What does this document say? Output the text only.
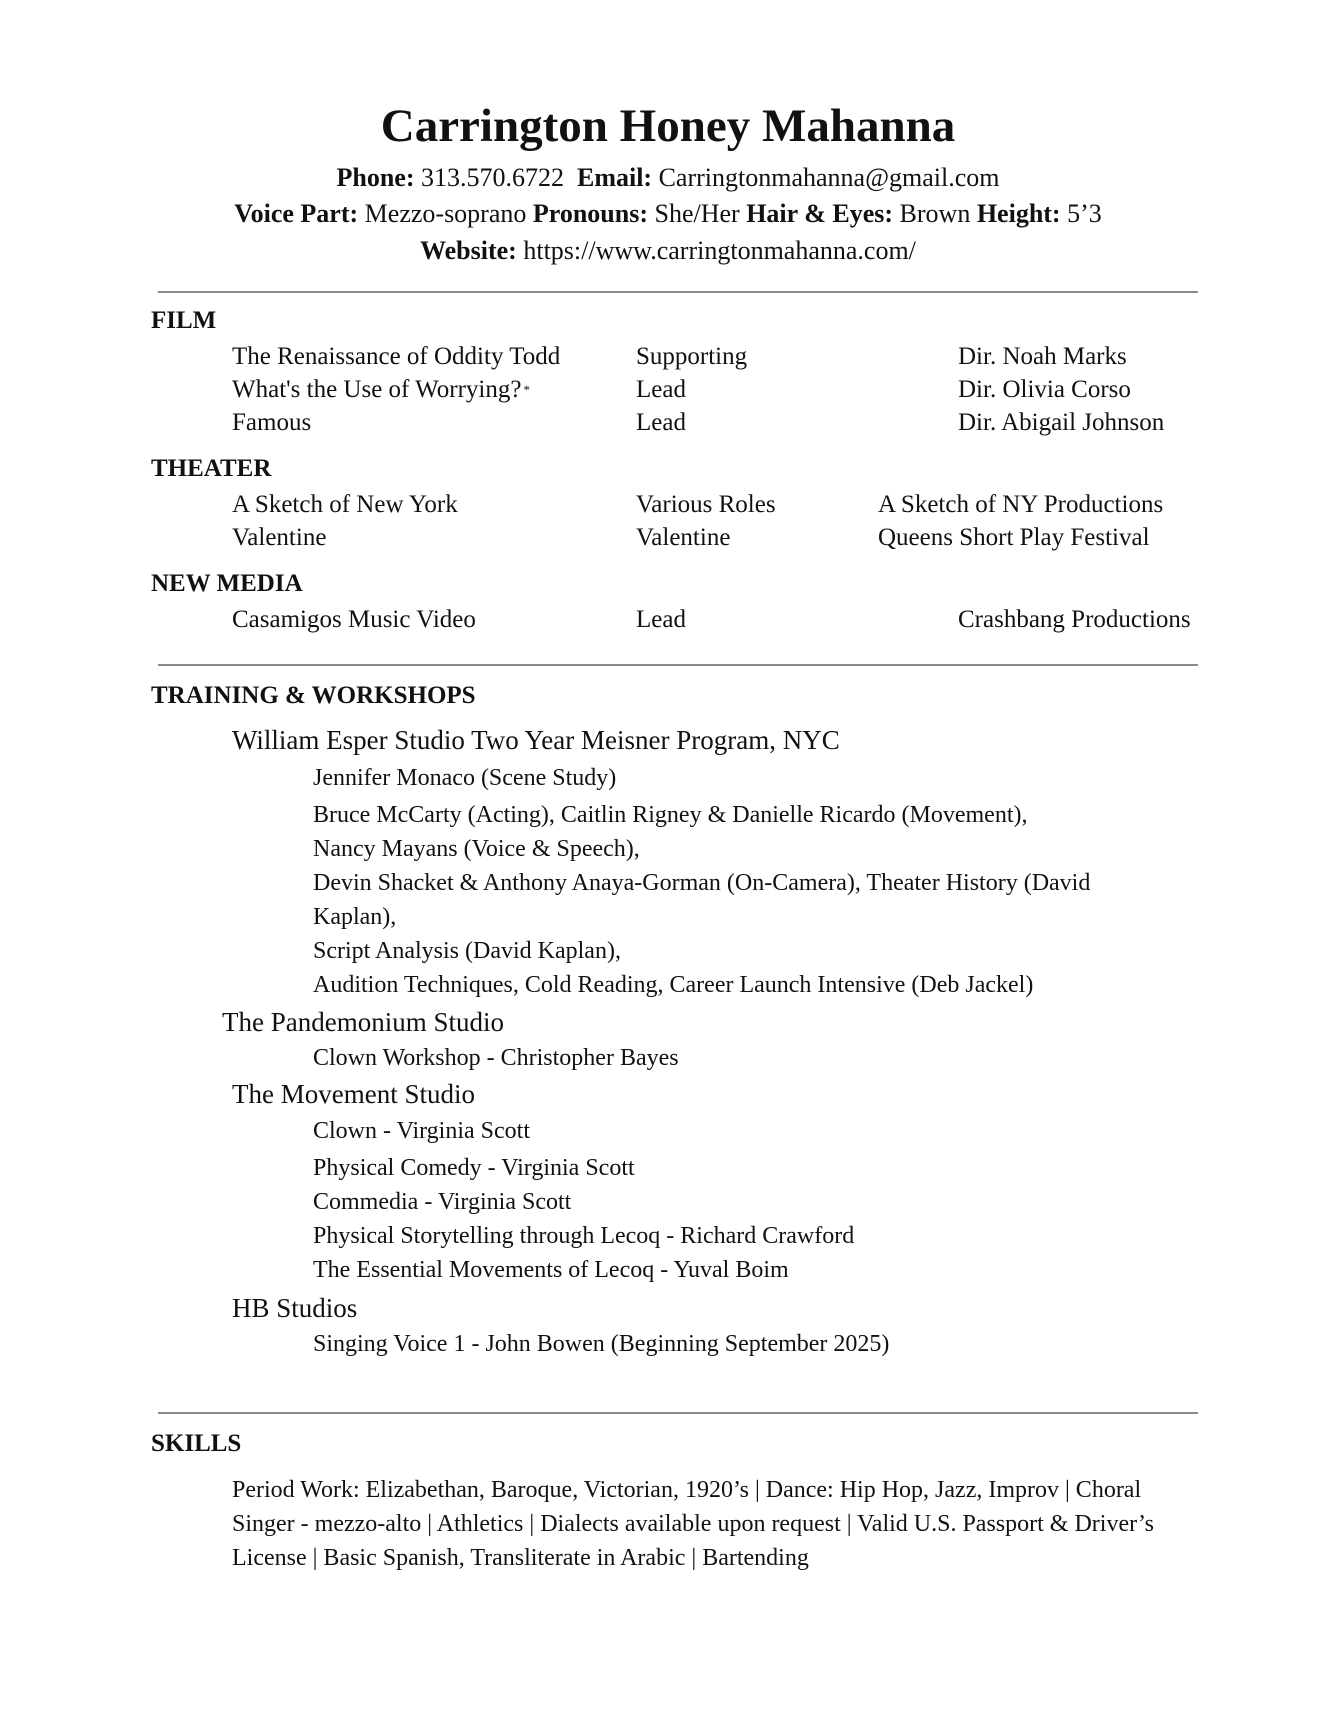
Carrington Honey Mahanna
Phone: 313.570.6722 Email: Carringtonmahanna@gmail.com
Voice Part: Mezzo-soprano Pronouns: She/Her Hair & Eyes: Brown Height: 5’3
Website: https://www.carringtonmahanna.com/
FILM
The Renaissance of Oddity Todd	Supporting	Dir. Noah Marks
What's the Use of Worrying? *	Lead	Dir. Olivia Corso
Famous	Lead	Dir. Abigail Johnson
THEATER
A Sketch of New York	Various Roles	A Sketch of NY Productions
Valentine	Valentine	Queens Short Play Festival
NEW MEDIA
Casamigos Music Video	Lead	Crashbang Productions
TRAINING & WORKSHOPS
William Esper Studio Two Year Meisner Program, NYC
Jennifer Monaco (Scene Study)
Bruce McCarty (Acting), Caitlin Rigney & Danielle Ricardo (Movement),
Nancy Mayans (Voice & Speech),
Devin Shacket & Anthony Anaya-Gorman (On-Camera), Theater History (David
Kaplan),
Script Analysis (David Kaplan),
Audition Techniques, Cold Reading, Career Launch Intensive (Deb Jackel)
The Pandemonium Studio
Clown Workshop - Christopher Bayes
The Movement Studio
Clown - Virginia Scott
Physical Comedy - Virginia Scott
Commedia - Virginia Scott
Physical Storytelling through Lecoq - Richard Crawford
The Essential Movements of Lecoq - Yuval Boim
HB Studios
Singing Voice 1 - John Bowen (Beginning September 2025)
SKILLS
Period Work: Elizabethan, Baroque, Victorian, 1920’s | Dance: Hip Hop, Jazz, Improv | Choral Singer - mezzo-alto | Athletics | Dialects available upon request | Valid U.S. Passport & Driver’s License | Basic Spanish, Transliterate in Arabic | Bartending
